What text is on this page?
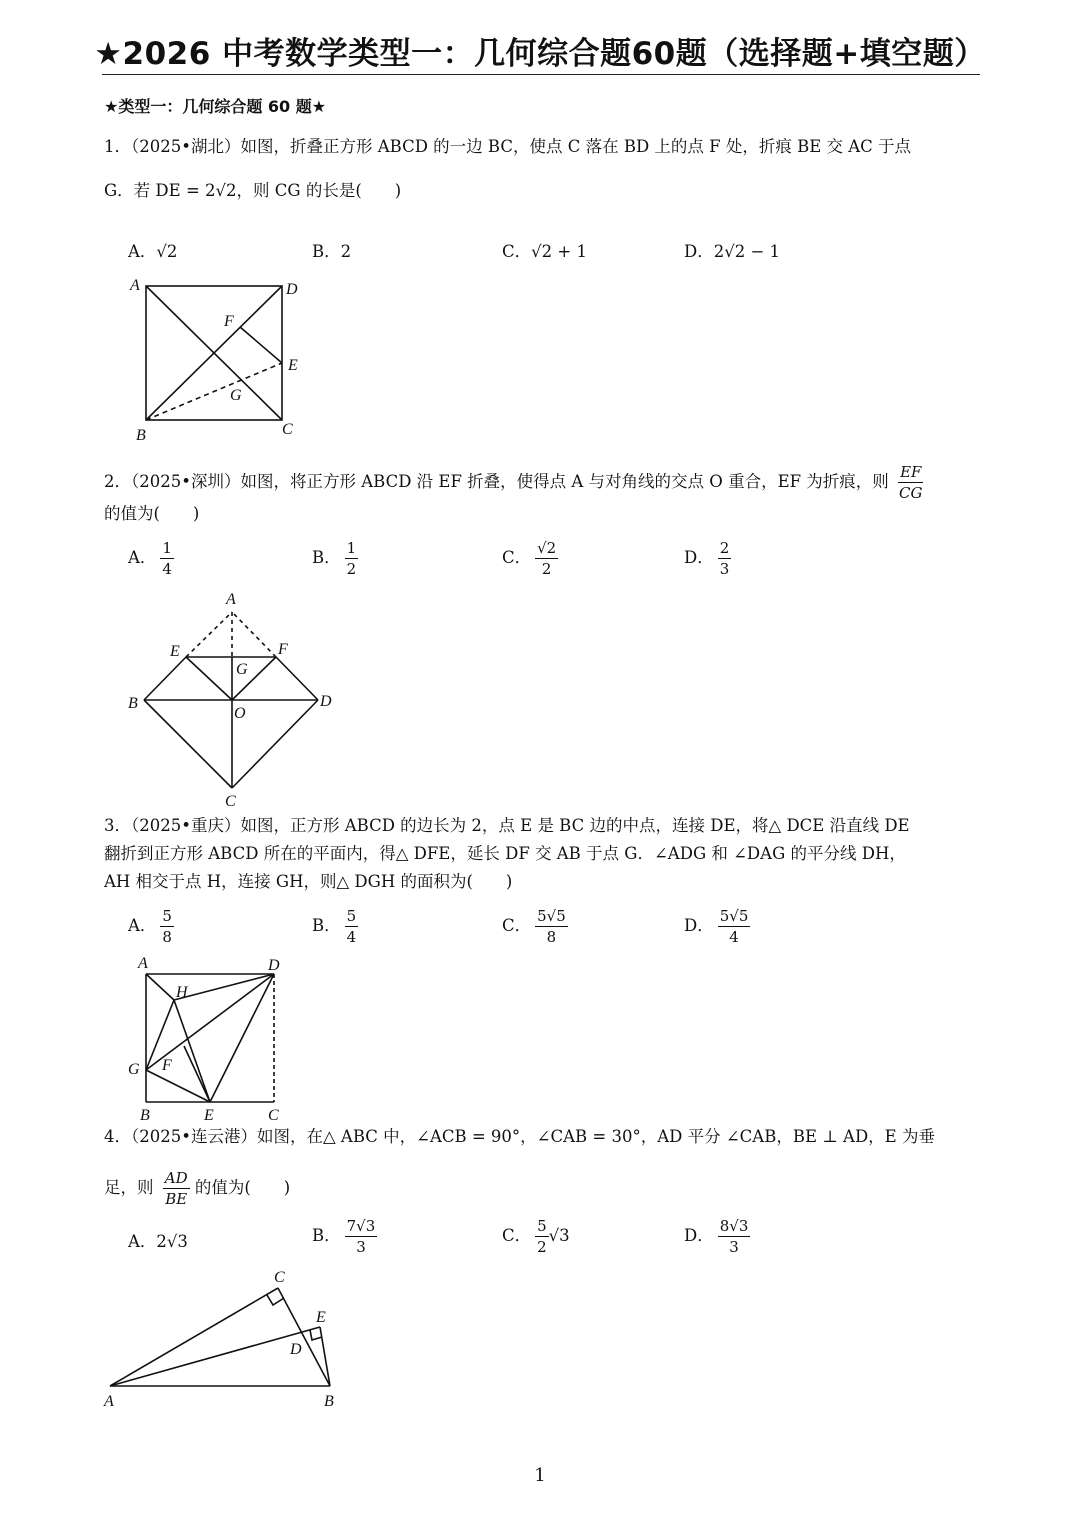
★2026 中考数学类型一：几何综合题60题（选择题+填空题）
★类型一：几何综合题 60 题★
1．（2025•湖北）如图，折叠正方形 ABCD 的一边 BC，使点 C 落在 BD 上的点 F 处，折痕 BE 交 AC 于点
G．若 DE = 2√2，则 CG 的长是(　　)
A．√2	B．2	C．√2 + 1	D．2√2 − 1
A	D
F
E
G
B	C
2．（2025•深圳）如图，将正方形 ABCD 沿 EF 折叠，使得点 A 与对角线的交点 O 重合，EF 为折痕，则 $\frac{EF}{CG}$
的值为(　　)
A． $\frac{1}{4}$	B． $\frac{1}{2}$	C． $\frac{√2}{2}$	D． $\frac{2}{3}$
A
E	F
G
B
O
D
C
3．（2025•重庆）如图，正方形 ABCD 的边长为 2，点 E 是 BC 边的中点，连接 DE，将△ DCE 沿直线 DE
翻折到正方形 ABCD 所在的平面内，得△ DFE，延长 DF 交 AB 于点 G．∠ADG 和 ∠DAG 的平分线 DH，
AH 相交于点 H，连接 GH，则△ DGH 的面积为(　　)
A． $\frac{5}{8}$	B． $\frac{5}{4}$	C． $\frac{5√5}{8}$	D． $\frac{5√5}{4}$
A	D
H
G F
B	E	C
4．（2025•连云港）如图，在△ ABC 中，∠ACB = 90°，∠CAB = 30°，AD 平分 ∠CAB，BE ⊥ AD，E 为垂
足，则 $\frac{AD}{BE}$ 的值为(　　)
A．2√3	B． $\frac{7√3}{3}$	C． $\frac{5}{2} √3$	D． $\frac{8√3}{3}$
C
E
D
A	B
1
